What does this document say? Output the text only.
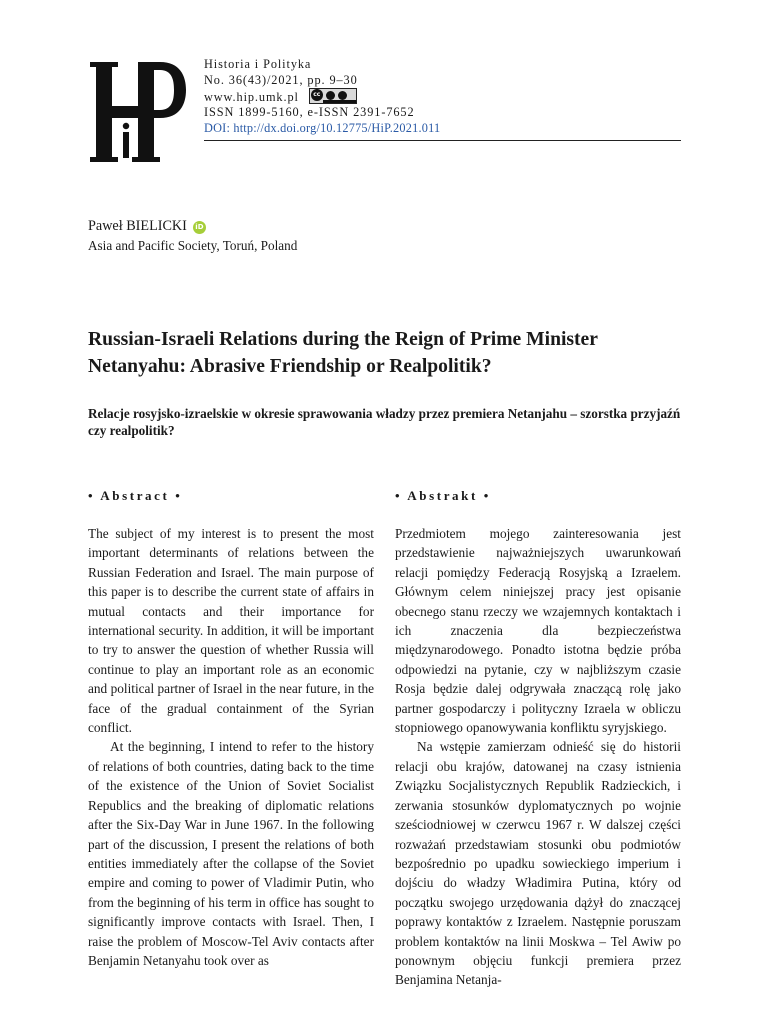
Historia i Polityka
No. 36(43)/2021, pp. 9–30
www.hip.umk.pl	cc
ISSN 1899-5160, e-ISSN 2391-7652
DOI: http://dx.doi.org/10.12775/HiP.2021.011
Paweł BIELICKI iD
Asia and Pacific Society, Toruń, Poland
Russian-Israeli Relations during the Reign of Prime Minister Netanyahu: Abrasive Friendship or Realpolitik?
Relacje rosyjsko-izraelskie w okresie sprawowania władzy przez premiera Netanjahu – szorstka przyjaźń czy realpolitik?
• Abstract •	• Abstrakt •

The subject of my interest is to present the most important determinants of relations between the Russian Federation and Israel. The main purpose of this paper is to describe the current state of affairs in mutual contacts and their importance for international security. In addition, it will be important to try to answer the question of whether Russia will continue to play an important role as an economic and political partner of Israel in the near future, in the face of the gradual containment of the Syrian conflict.

At the beginning, I intend to refer to the history of relations of both countries, dating back to the time of the existence of the Union of Soviet Socialist Republics and the breaking of diplomatic relations after the Six-Day War in June 1967. In the following part of the discussion, I present the relations of both entities immediately after the collapse of the Soviet empire and coming to power of Vladimir Putin, who from the beginning of his term in office has sought to significantly improve contacts with Israel. Then, I raise the problem of Moscow-Tel Aviv contacts after Benjamin Netanyahu took over as

Przedmiotem mojego zainteresowania jest przedstawienie najważniejszych uwarunkowań relacji pomiędzy Federacją Rosyjską a Izraelem. Głównym celem niniejszej pracy jest opisanie obecnego stanu rzeczy we wzajemnych kontaktach i ich znaczenia dla bezpieczeństwa międzynarodowego. Ponadto istotna będzie próba odpowiedzi na pytanie, czy w najbliższym czasie Rosja będzie dalej odgrywała znaczącą rolę jako partner gospodarczy i polityczny Izraela w obliczu stopniowego opanowywania konfliktu syryjskiego.

Na wstępie zamierzam odnieść się do historii relacji obu krajów, datowanej na czasy istnienia Związku Socjalistycznych Republik Radzieckich, i zerwania stosunków dyplomatycznych po wojnie sześciodniowej w czerwcu 1967 r. W dalszej części rozważań przedstawiam stosunki obu podmiotów bezpośrednio po upadku sowieckiego imperium i dojściu do władzy Władimira Putina, który od początku swojego urzędowania dążył do znaczącej poprawy kontaktów z Izraelem. Następnie poruszam problem kontaktów na linii Moskwa – Tel Awiw po ponownym objęciu funkcji premiera przez Benjamina Netanja-
